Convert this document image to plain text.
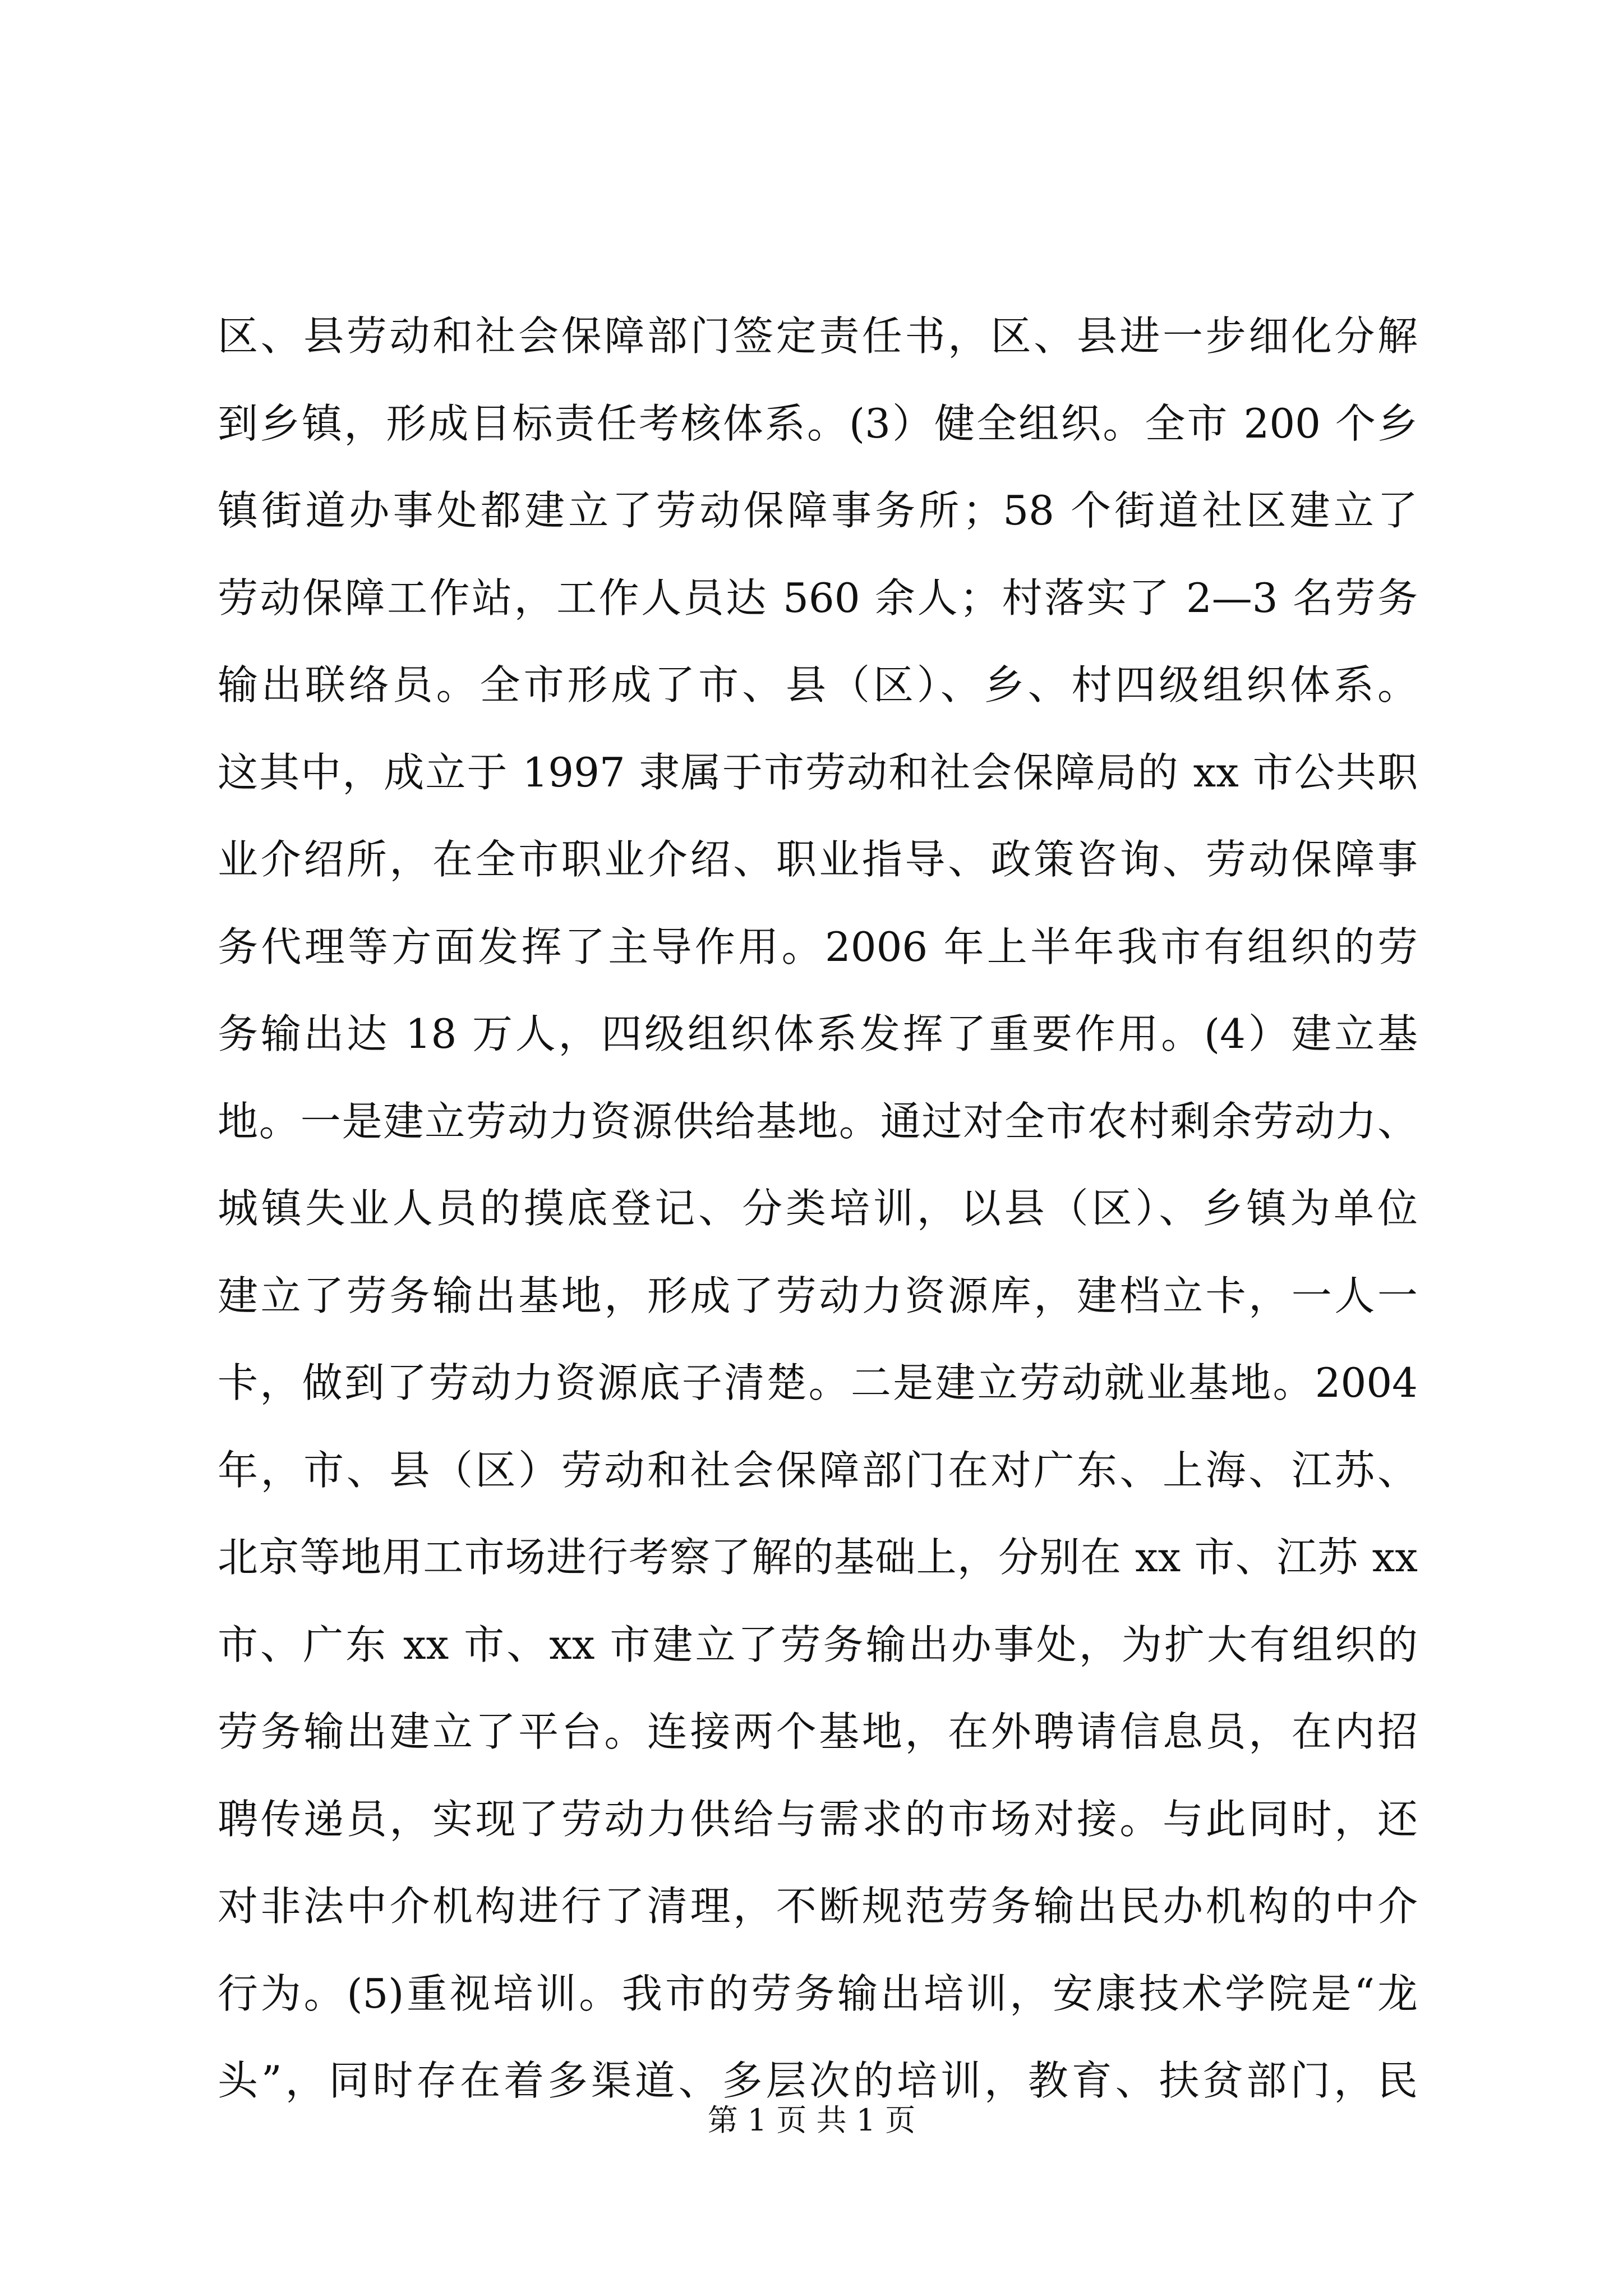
区、县劳动和社会保障部门签定责任书，区、县进一步细化分解
到乡镇，形成目标责任考核体系。(3）健全组织。全市 200 个乡
镇街道办事处都建立了劳动保障事务所；58 个街道社区建立了
劳动保障工作站，工作人员达 560 余人；村落实了 2—3 名劳务
输出联络员。全市形成了市、县（区）、乡、村四级组织体系。
这其中，成立于 1997 隶属于市劳动和社会保障局的 xx 市公共职
业介绍所，在全市职业介绍、职业指导、政策咨询、劳动保障事
务代理等方面发挥了主导作用。2006 年上半年我市有组织的劳
务输出达 18 万人，四级组织体系发挥了重要作用。(4）建立基
地。一是建立劳动力资源供给基地。通过对全市农村剩余劳动力、
城镇失业人员的摸底登记、分类培训，以县（区）、乡镇为单位
建立了劳务输出基地，形成了劳动力资源库，建档立卡，一人一
卡，做到了劳动力资源底子清楚。二是建立劳动就业基地。2004
年，市、县（区）劳动和社会保障部门在对广东、上海、江苏、
北京等地用工市场进行考察了解的基础上，分别在 xx 市、江苏 xx
市、广东 xx 市、xx 市建立了劳务输出办事处，为扩大有组织的
劳务输出建立了平台。连接两个基地，在外聘请信息员，在内招
聘传递员，实现了劳动力供给与需求的市场对接。与此同时，还
对非法中介机构进行了清理，不断规范劳务输出民办机构的中介
行为。(5)重视培训。我市的劳务输出培训，安康技术学院是“龙
头”，同时存在着多渠道、多层次的培训，教育、扶贫部门，民
第 1 页 共 1 页
